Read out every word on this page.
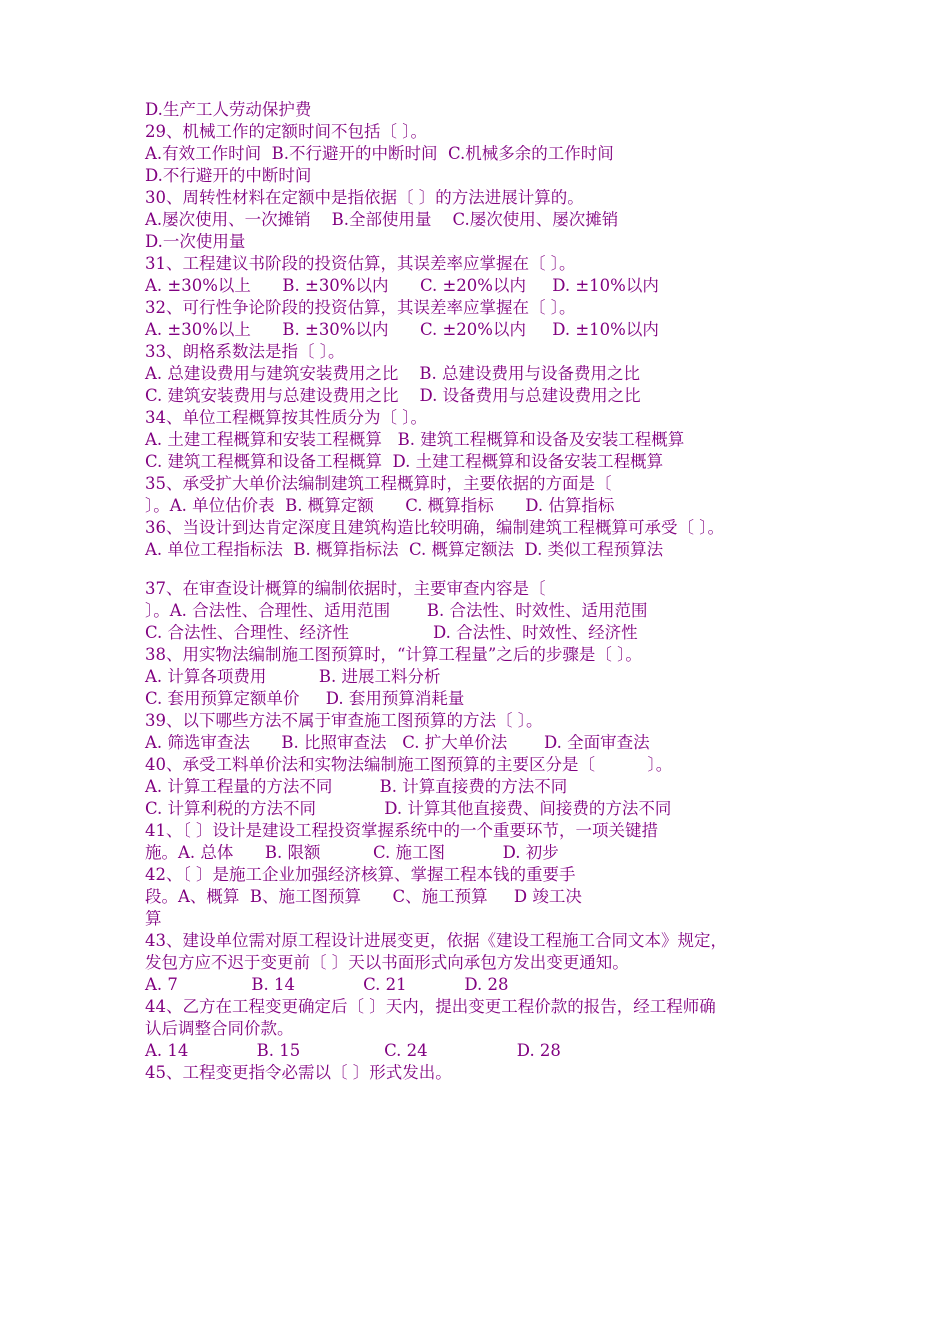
D.生产工人劳动保护费
29、机械工作的定额时间不包括〔 〕。
A.有效工作时间  B.不行避开的中断时间  C.机械多余的工作时间
D.不行避开的中断时间
30、周转性材料在定额中是指依据〔 〕的方法进展计算的。
A.屡次使用、一次摊销    B.全部使用量    C.屡次使用、屡次摊销
D.一次使用量
31、工程建议书阶段的投资估算，其误差率应掌握在〔 〕。
A. ±30%以上      B. ±30%以内      C. ±20%以内     D. ±10%以内
32、可行性争论阶段的投资估算，其误差率应掌握在〔 〕。
A. ±30%以上      B. ±30%以内      C. ±20%以内     D. ±10%以内
33、朗格系数法是指〔 〕。
A. 总建设费用与建筑安装费用之比    B. 总建设费用与设备费用之比
C. 建筑安装费用与总建设费用之比    D. 设备费用与总建设费用之比
34、单位工程概算按其性质分为〔 〕。
A. 土建工程概算和安装工程概算   B. 建筑工程概算和设备及安装工程概算
C. 建筑工程概算和设备工程概算  D. 土建工程概算和设备安装工程概算
35、承受扩大单价法编制建筑工程概算时，主要依据的方面是〔
〕。A. 单位估价表  B. 概算定额      C. 概算指标      D. 估算指标
36、当设计到达肯定深度且建筑构造比较明确，编制建筑工程概算可承受〔 〕。
A. 单位工程指标法  B. 概算指标法  C. 概算定额法  D. 类似工程预算法
37、在审查设计概算的编制依据时，主要审查内容是〔
〕。A. 合法性、合理性、适用范围       B. 合法性、时效性、适用范围
C. 合法性、合理性、经济性                D. 合法性、时效性、经济性
38、用实物法编制施工图预算时，“计算工程量”之后的步骤是〔 〕。
A. 计算各项费用          B. 进展工料分析
C. 套用预算定额单价     D. 套用预算消耗量
39、以下哪些方法不属于审查施工图预算的方法〔 〕。
A. 筛选审查法      B. 比照审查法   C. 扩大单价法       D. 全面审查法
40、承受工料单价法和实物法编制施工图预算的主要区分是〔          〕。
A. 计算工程量的方法不同         B. 计算直接费的方法不同
C. 计算利税的方法不同             D. 计算其他直接费、间接费的方法不同
41、〔 〕设计是建设工程投资掌握系统中的一个重要环节，一项关键措
施。A. 总体      B. 限额          C. 施工图           D. 初步
42、〔 〕是施工企业加强经济核算、掌握工程本钱的重要手
段。A、概算  B、施工图预算      C、施工预算     D 竣工决
算
43、建设单位需对原工程设计进展变更，依据《建设工程施工合同文本》规定，
发包方应不迟于变更前〔 〕天以书面形式向承包方发出变更通知。
A. 7              B. 14             C. 21           D. 28
44、乙方在工程变更确定后〔 〕天内，提出变更工程价款的报告，经工程师确
认后调整合同价款。
A. 14             B. 15                C. 24                 D. 28
45、工程变更指令必需以〔 〕形式发出。
